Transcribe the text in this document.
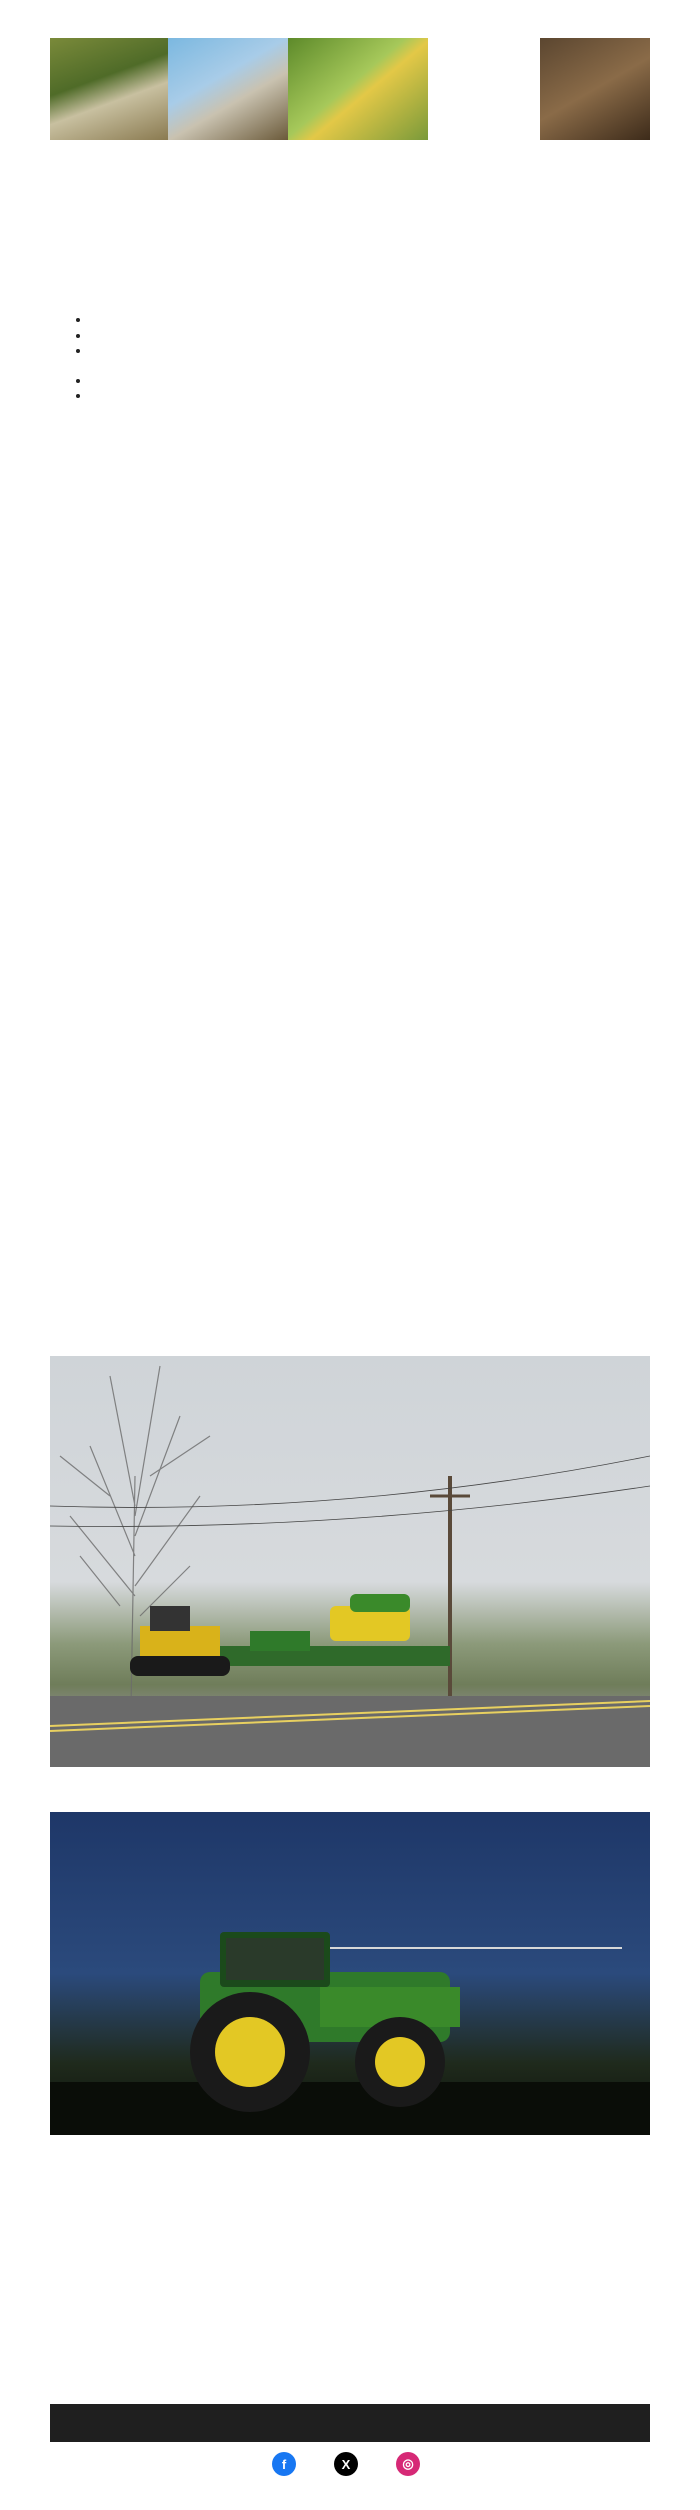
•
•
•

•
•

f	X	◎
